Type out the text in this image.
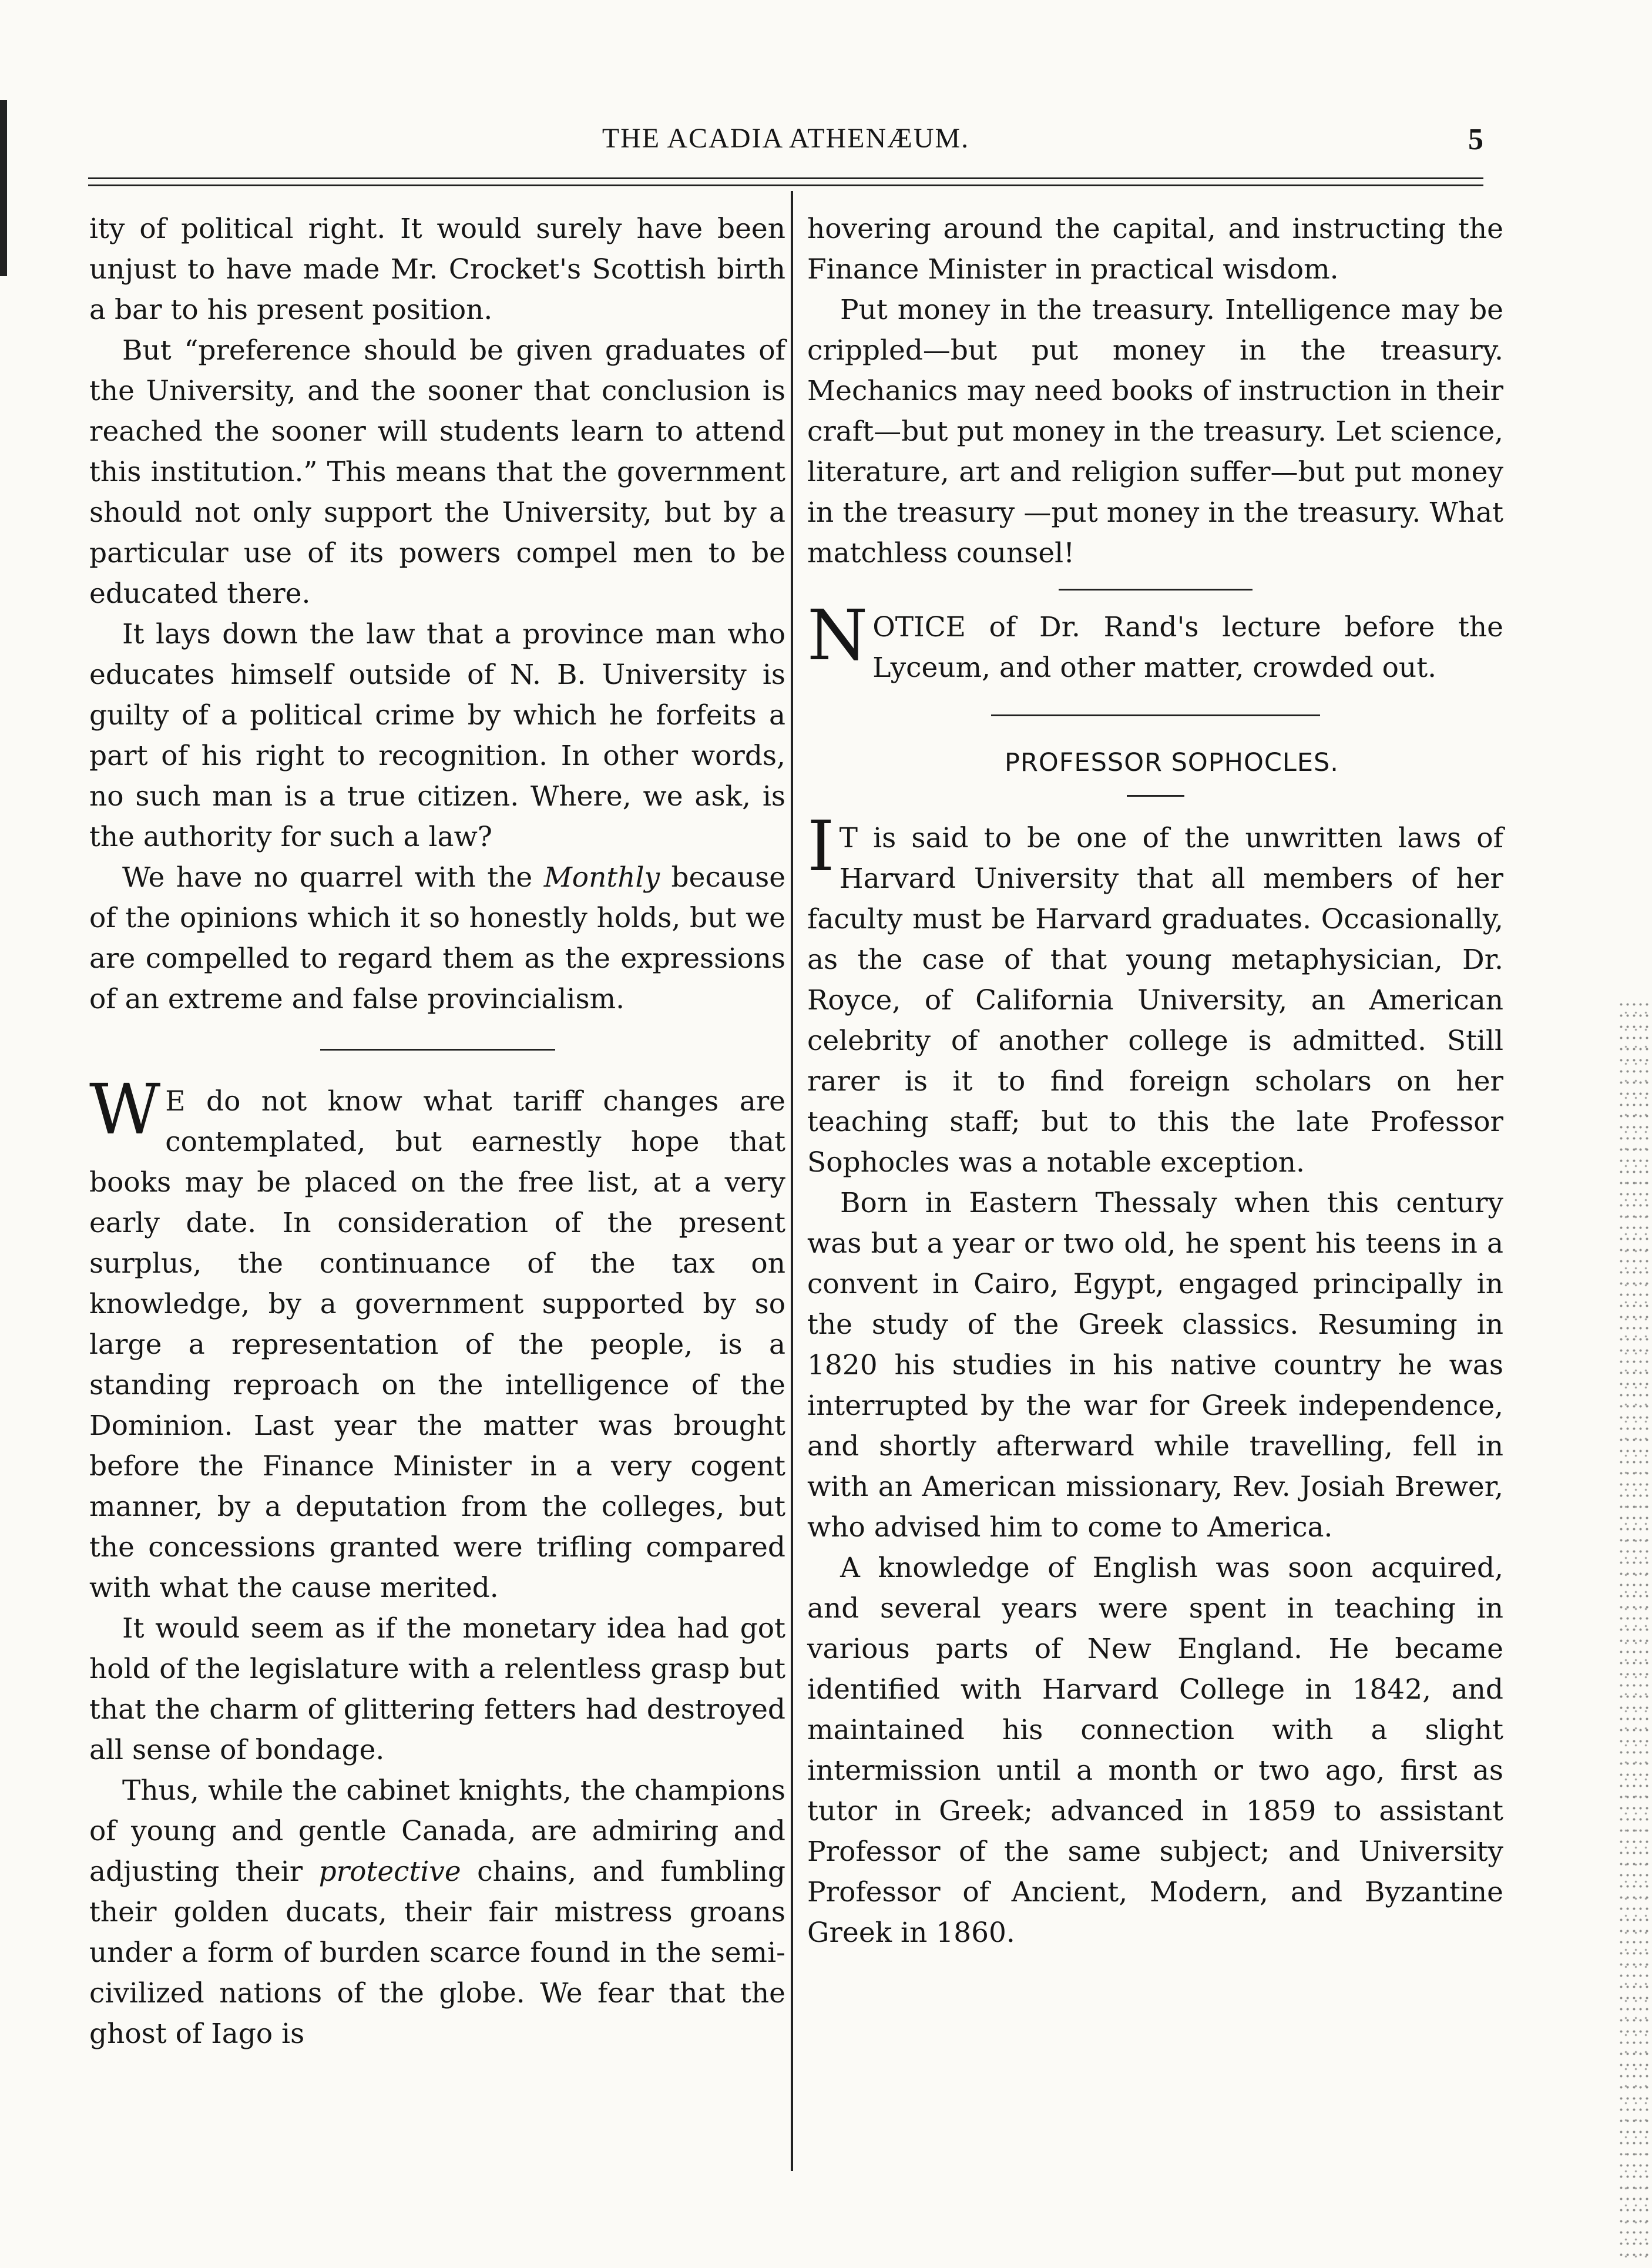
THE ACADIA ATHENÆUM.	5

ity of political right. It would surely have been unjust to have made Mr. Crocket's Scottish birth a bar to his present position.

But “preference should be given graduates of the University, and the sooner that conclusion is reached the sooner will students learn to attend this institution.” This means that the government should not only support the University, but by a particular use of its powers compel men to be educated there.

It lays down the law that a province man who educates himself outside of N. B. University is guilty of a political crime by which he forfeits a part of his right to recognition. In other words, no such man is a true citizen. Where, we ask, is the authority for such a law?

We have no quarrel with the Monthly because of the opinions which it so honestly holds, but we are compelled to regard them as the expressions of an extreme and false provincialism.

W E do not know what tariff changes are contemplated, but earnestly hope that books may be placed on the free list, at a very early date. In consideration of the present surplus, the continuance of the tax on knowledge, by a government supported by so large a representation of the people, is a standing reproach on the intelligence of the Dominion. Last year the matter was brought before the Finance Minister in a very cogent manner, by a deputation from the colleges, but the concessions granted were trifling compared with what the cause merited.

It would seem as if the monetary idea had got hold of the legislature with a relentless grasp but that the charm of glittering fetters had destroyed all sense of bondage.

Thus, while the cabinet knights, the champions of young and gentle Canada, are admiring and adjusting their protective chains, and fumbling their golden ducats, their fair mistress groans under a form of burden scarce found in the semi-civilized nations of the globe. We fear that the ghost of Iago is

hovering around the capital, and instructing the Finance Minister in practical wisdom.

Put money in the treasury. Intelligence may be crippled—but put money in the treasury. Mechanics may need books of instruction in their craft—but put money in the treasury. Let science, literature, art and religion suffer—but put money in the treasury —put money in the treasury. What matchless counsel!

NOTICE of Dr. Rand's lecture before the Lyceum, and other matter, crowded out.

PROFESSOR SOPHOCLES.

I T is said to be one of the unwritten laws of Harvard University that all members of her faculty must be Harvard graduates. Occasionally, as the case of that young metaphysician, Dr. Royce, of California University, an American celebrity of another college is admitted. Still rarer is it to find foreign scholars on her teaching staff; but to this the late Professor Sophocles was a notable exception.

Born in Eastern Thessaly when this century was but a year or two old, he spent his teens in a convent in Cairo, Egypt, engaged principally in the study of the Greek classics. Resuming in 1820 his studies in his native country he was interrupted by the war for Greek independence, and shortly afterward while travelling, fell in with an American missionary, Rev. Josiah Brewer, who advised him to come to America.

A knowledge of English was soon acquired, and several years were spent in teaching in various parts of New England. He became identified with Harvard College in 1842, and maintained his connection with a slight intermission until a month or two ago, first as tutor in Greek; advanced in 1859 to assistant Professor of the same subject; and University Professor of Ancient, Modern, and Byzantine Greek in 1860.
